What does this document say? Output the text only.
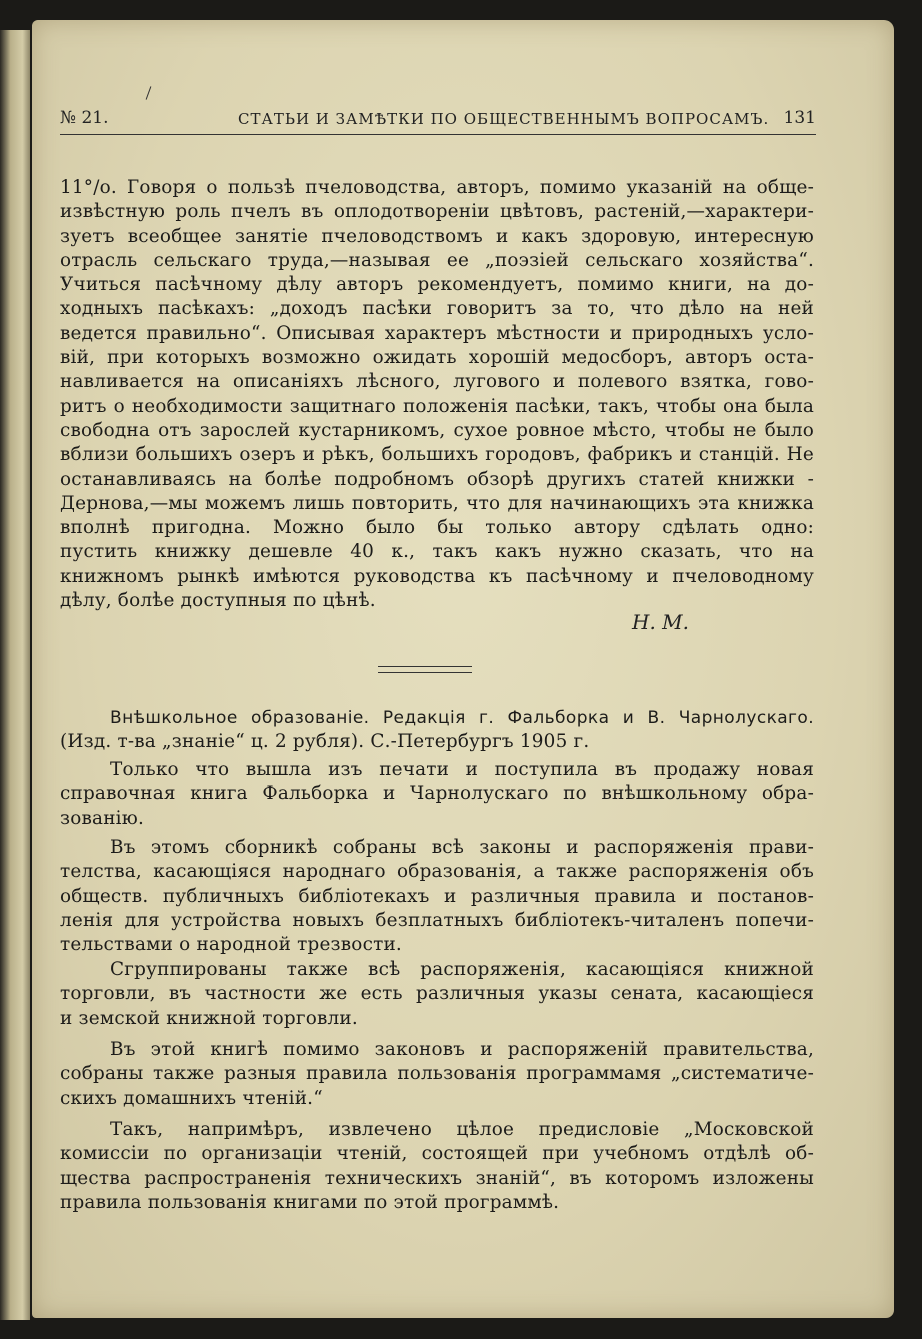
№ 21.	СТАТЬИ И ЗАМѢТКИ ПО ОБЩЕСТВЕННЫМЪ ВОПРОСАМЪ. 131
11°/о. Говоря о пользѣ пчеловодства, авторъ, помимо указаній на обще-
извѣстную роль пчелъ въ оплодотвореніи цвѣтовъ, растеній,—характери-
зуетъ всеобщее занятіе пчеловодствомъ и какъ здоровую, интересную
отрасль сельскаго труда,—называя ее „поэзіей сельскаго хозяйства“.
Учиться пасѣчному дѣлу авторъ рекомендуетъ, помимо книги, на до-
ходныхъ пасѣкахъ: „доходъ пасѣки говоритъ за то, что дѣло на ней
ведется правильно“. Описывая характеръ мѣстности и природныхъ усло-
вій, при которыхъ возможно ожидать хорошій медосборъ, авторъ оста-
навливается на описаніяхъ лѣсного, лугового и полевого взятка, гово-
ритъ о необходимости защитнаго положенія пасѣки, такъ, чтобы она была
свободна отъ зарослей кустарникомъ, сухое ровное мѣсто, чтобы не было
вблизи большихъ озеръ и рѣкъ, большихъ городовъ, фабрикъ и станцій. Не
останавливаясь на болѣе подробномъ обзорѣ другихъ статей книжки -
Дернова,—мы можемъ лишь повторить, что для начинающихъ эта книжка
вполнѣ пригодна. Можно было бы только автору сдѣлать одно:
пустить книжку дешевле 40 к., такъ какъ нужно сказать, что на
книжномъ рынкѣ имѣются руководства къ пасѣчному и пчеловодному
дѣлу, болѣе доступныя по цѣнѣ.
Н. М.
Внѣшкольное образованіе. Редакція г. Фальборка и В. Чарнолускаго.
(Изд. т-ва „знаніе“ ц. 2 рубля). С.-Петербургъ 1905 г.
Только что вышла изъ печати и поступила въ продажу новая
справочная книга Фальборка и Чарнолускаго по внѣшкольному обра-
зованію.
Въ этомъ сборникѣ собраны всѣ законы и распоряженія прави-
телства, касающіяся народнаго образованія, а также распоряженія объ
обществ. публичныхъ библіотекахъ и различныя правила и постанов-
ленія для устройства новыхъ безплатныхъ библіотекъ-читаленъ попечи-
тельствами о народной трезвости.
Сгруппированы также всѣ распоряженія, касающіяся книжной
торговли, въ частности же есть различныя указы сената, касающіеся
и земской книжной торговли.
Въ этой книгѣ помимо законовъ и распоряженій правительства,
собраны также разныя правила пользованія программамя „систематиче-
скихъ домашнихъ чтеній.“
Такъ, напримѣръ, извлечено цѣлое предисловіе „Московской
комиссіи по организаціи чтеній, состоящей при учебномъ отдѣлѣ об-
щества распространенія техническихъ знаній“, въ которомъ изложены
правила пользованія книгами по этой программѣ.
